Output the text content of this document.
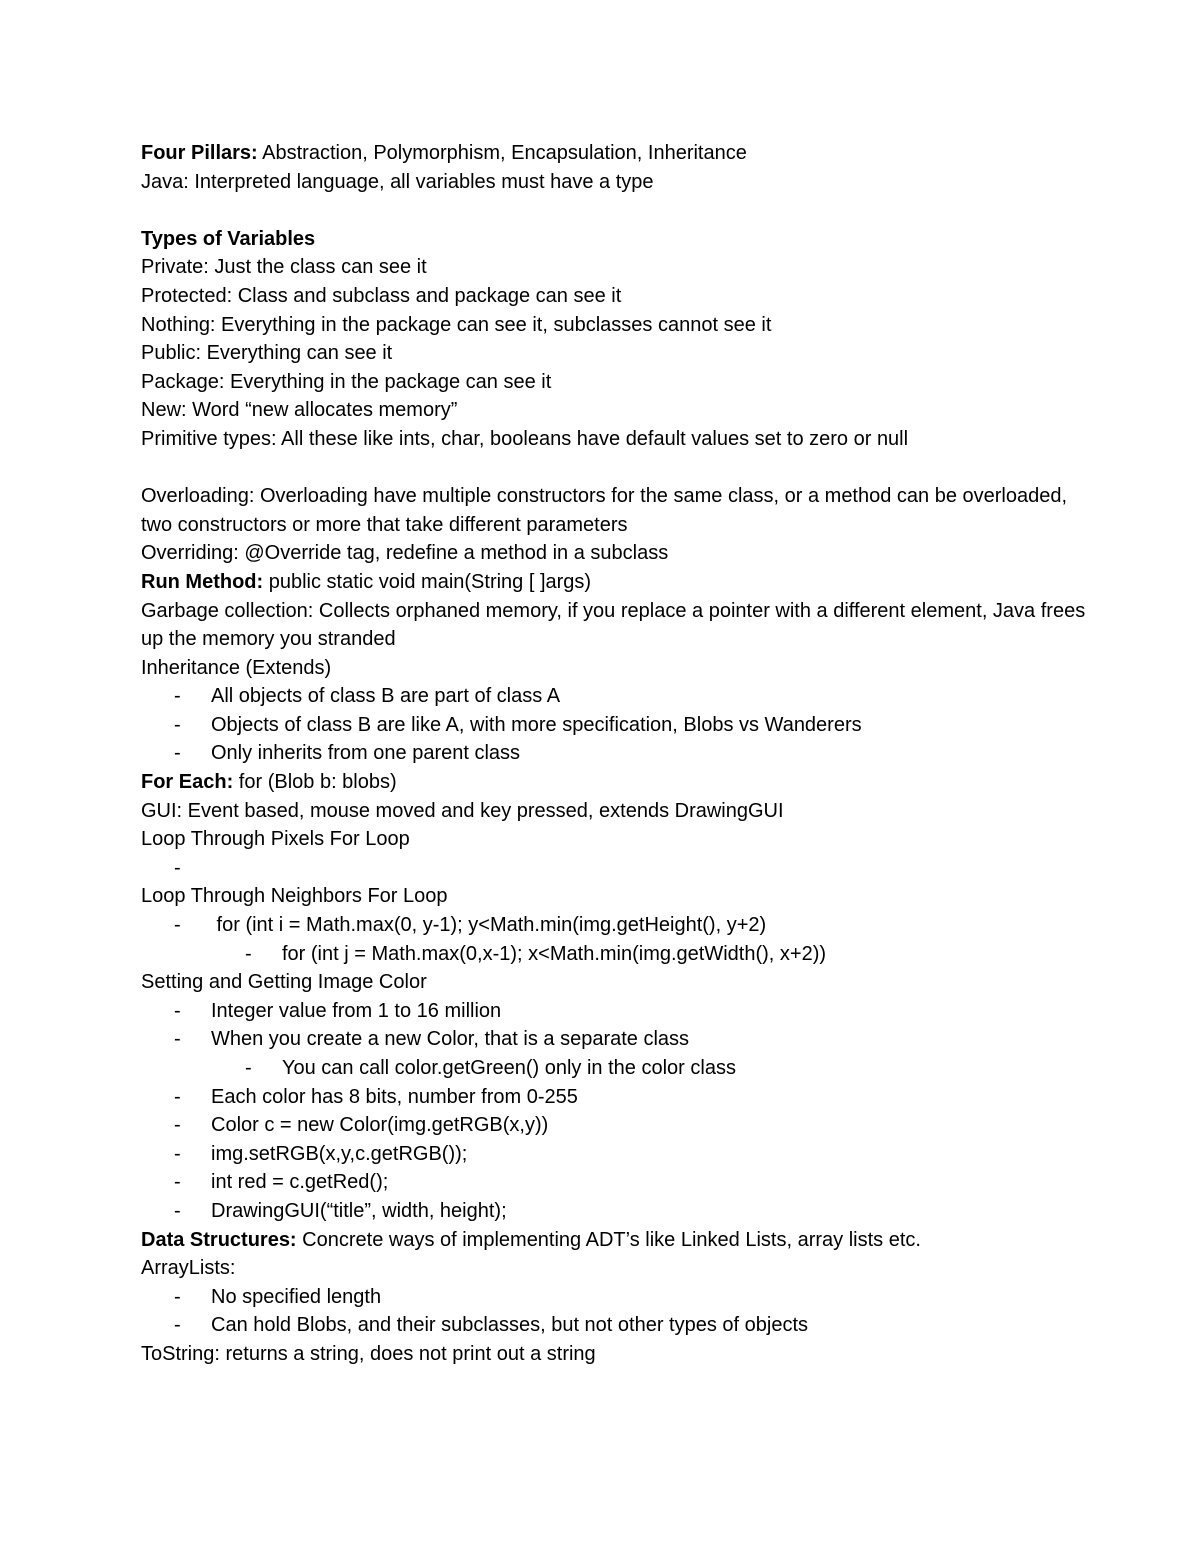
Four Pillars: Abstraction, Polymorphism, Encapsulation, Inheritance
Java: Interpreted language, all variables must have a type
Types of Variables
Private: Just the class can see it
Protected: Class and subclass and package can see it
Nothing: Everything in the package can see it, subclasses cannot see it
Public: Everything can see it
Package: Everything in the package can see it
New: Word “new allocates memory”
Primitive types: All these like ints, char, booleans have default values set to zero or null
Overloading: Overloading have multiple constructors for the same class, or a method can be overloaded, two constructors or more that take different parameters
Overriding: @Override tag, redefine a method in a subclass
Run Method: public static void main(String [ ]args)
Garbage collection: Collects orphaned memory, if you replace a pointer with a different element, Java frees up the memory you stranded
Inheritance (Extends)
- All objects of class B are part of class A
- Objects of class B are like A, with more specification, Blobs vs Wanderers
- Only inherits from one parent class
For Each: for (Blob b: blobs)
GUI: Event based, mouse moved and key pressed, extends DrawingGUI
Loop Through Pixels For Loop
-
Loop Through Neighbors For Loop
- for (int i = Math.max(0, y-1); y<Math.min(img.getHeight(), y+2)
- for (int j = Math.max(0,x-1); x<Math.min(img.getWidth(), x+2))
Setting and Getting Image Color
- Integer value from 1 to 16 million
- When you create a new Color, that is a separate class
- You can call color.getGreen() only in the color class
- Each color has 8 bits, number from 0-255
- Color c = new Color(img.getRGB(x,y))
- img.setRGB(x,y,c.getRGB());
- int red = c.getRed();
- DrawingGUI(“title”, width, height);
Data Structures: Concrete ways of implementing ADT’s like Linked Lists, array lists etc.
ArrayLists:
- No specified length
- Can hold Blobs, and their subclasses, but not other types of objects
ToString: returns a string, does not print out a string
